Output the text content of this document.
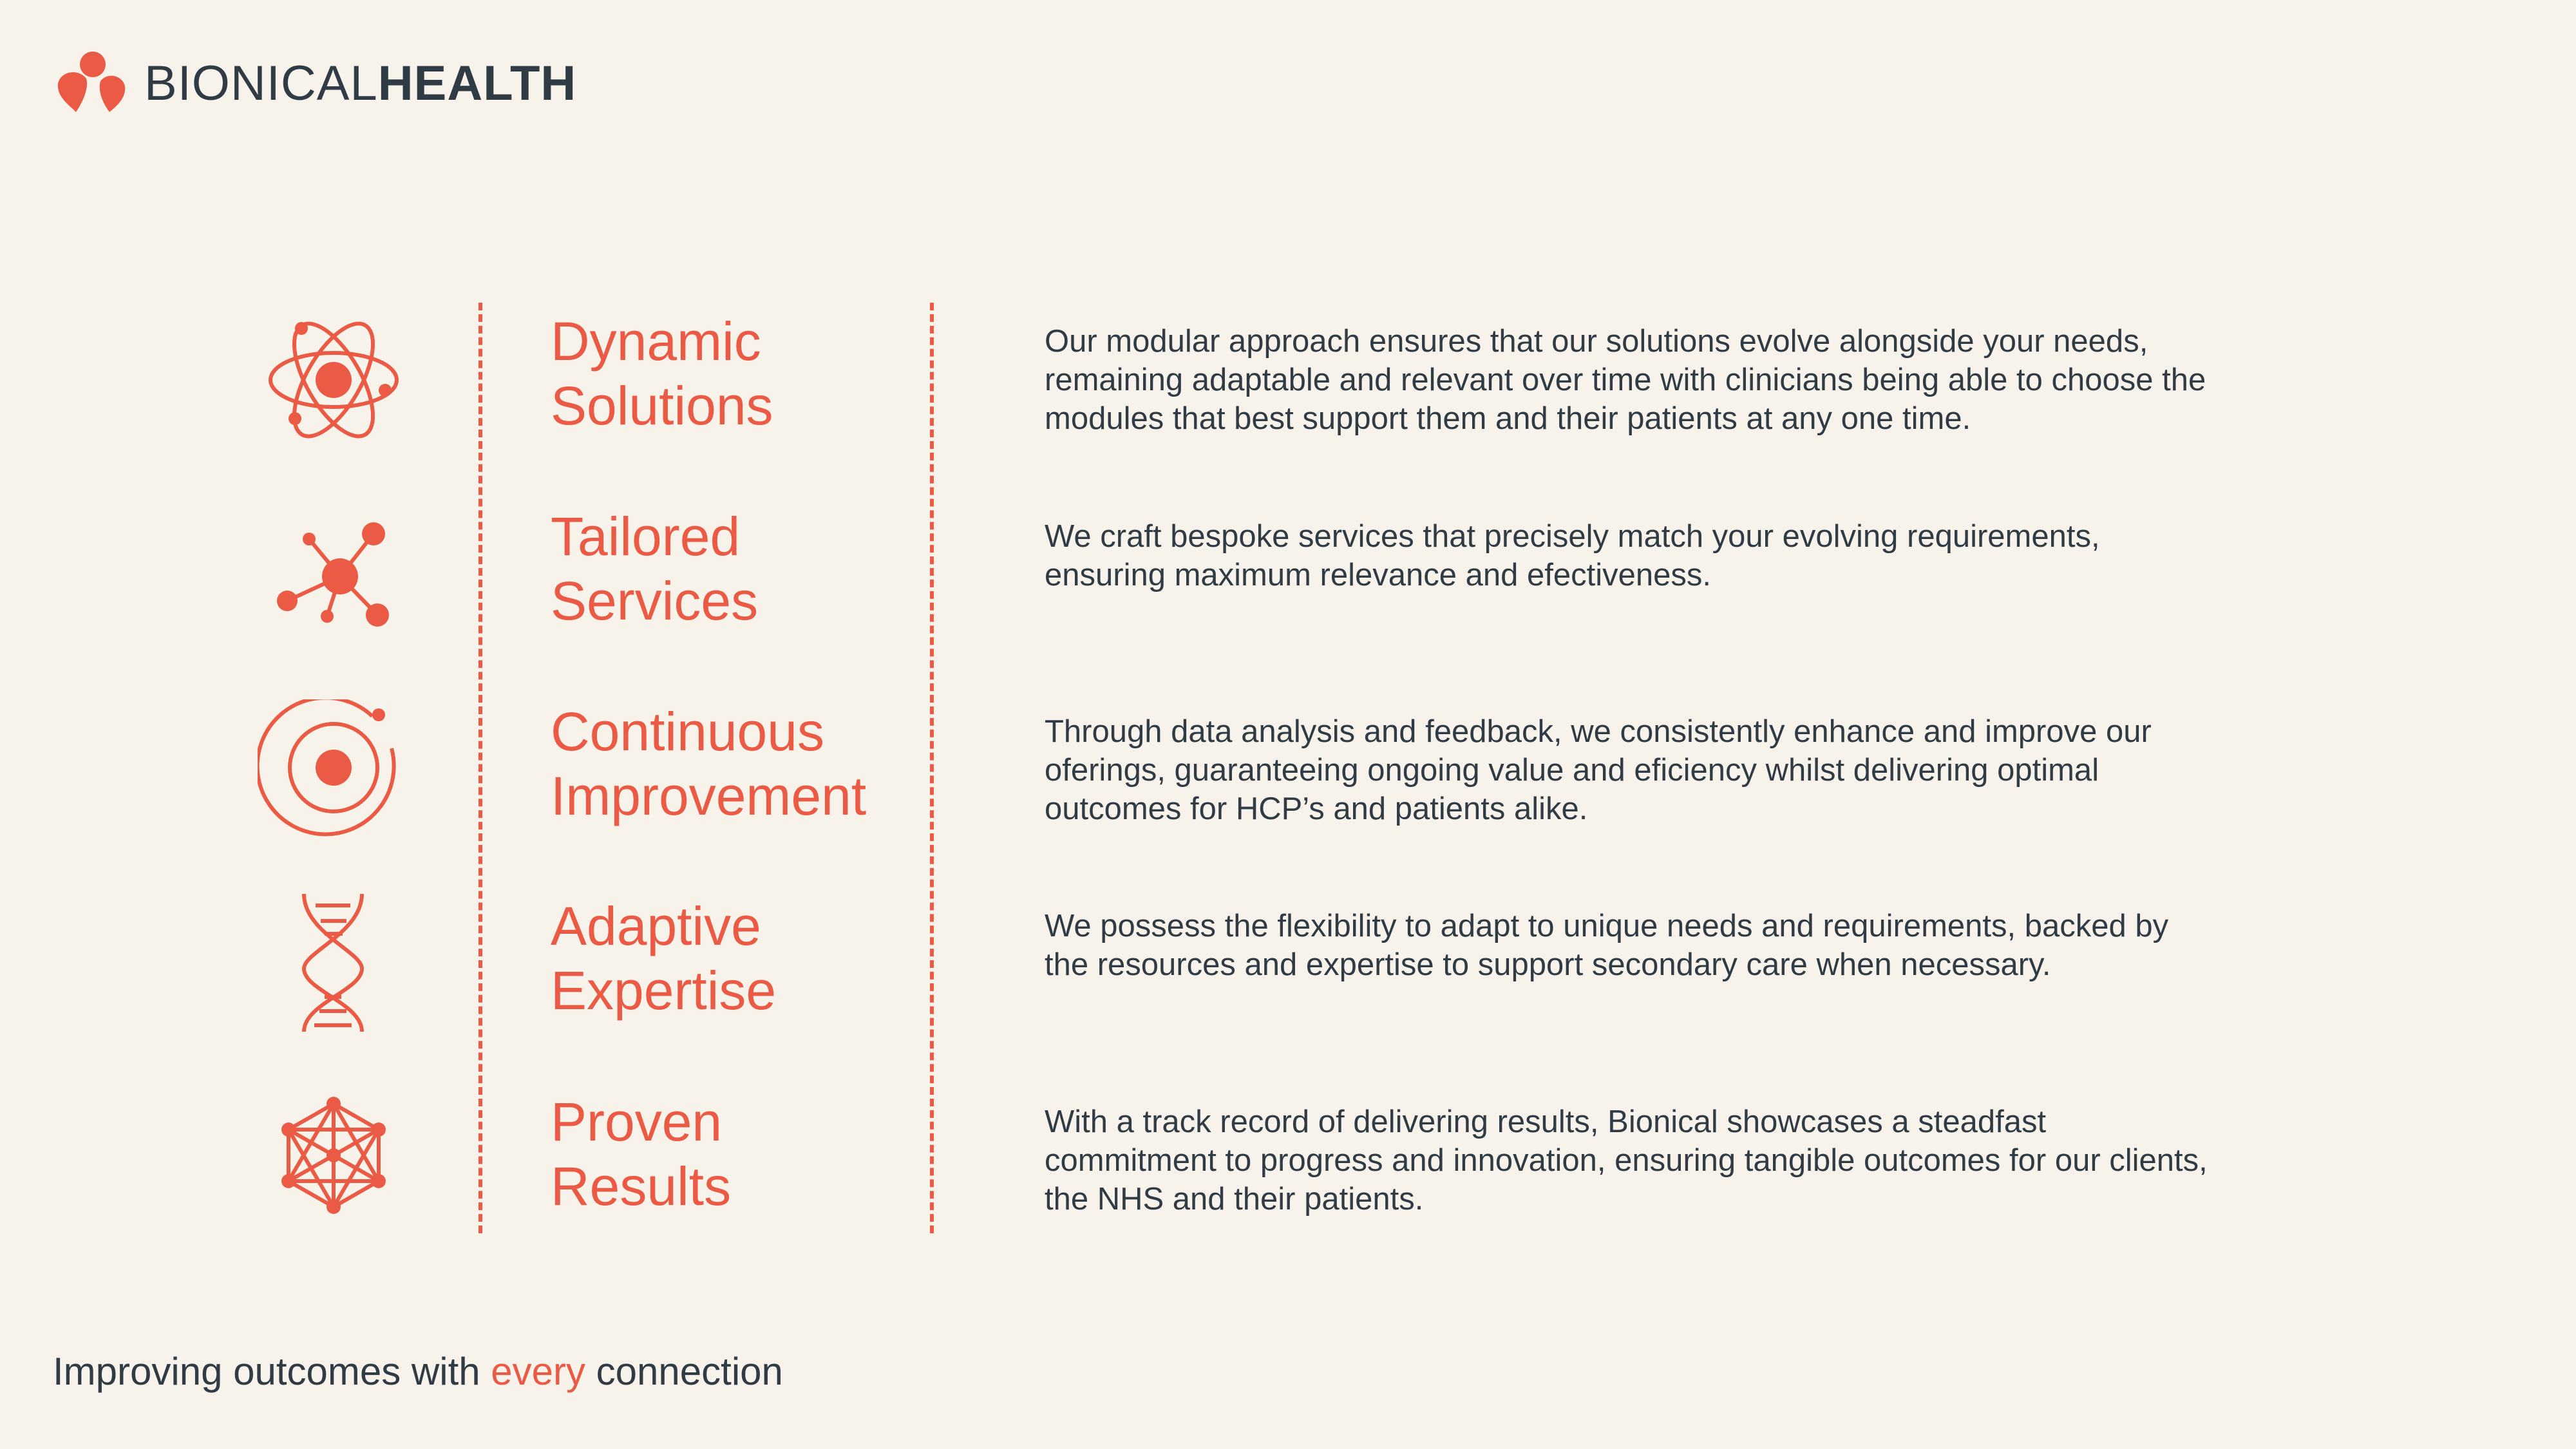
BIONICALHEALTH
Dynamic
Solutions
Our modular approach ensures that our solutions evolve alongside your needs, remaining adaptable and relevant over time with clinicians being able to choose the modules that best support them and their patients at any one time.
Tailored
Services
We craft bespoke services that precisely match your evolving requirements, ensuring maximum relevance and efectiveness.
Continuous
Improvement
Through data analysis and feedback, we consistently enhance and improve our oferings, guaranteeing ongoing value and eficiency whilst delivering optimal outcomes for HCP’s and patients alike.
Adaptive
Expertise
We possess the flexibility to adapt to unique needs and requirements, backed by the resources and expertise to support secondary care when necessary.
Proven
Results
With a track record of delivering results, Bionical showcases a steadfast commitment to progress and innovation, ensuring tangible outcomes for our clients, the NHS and their patients.
Improving outcomes with every connection
